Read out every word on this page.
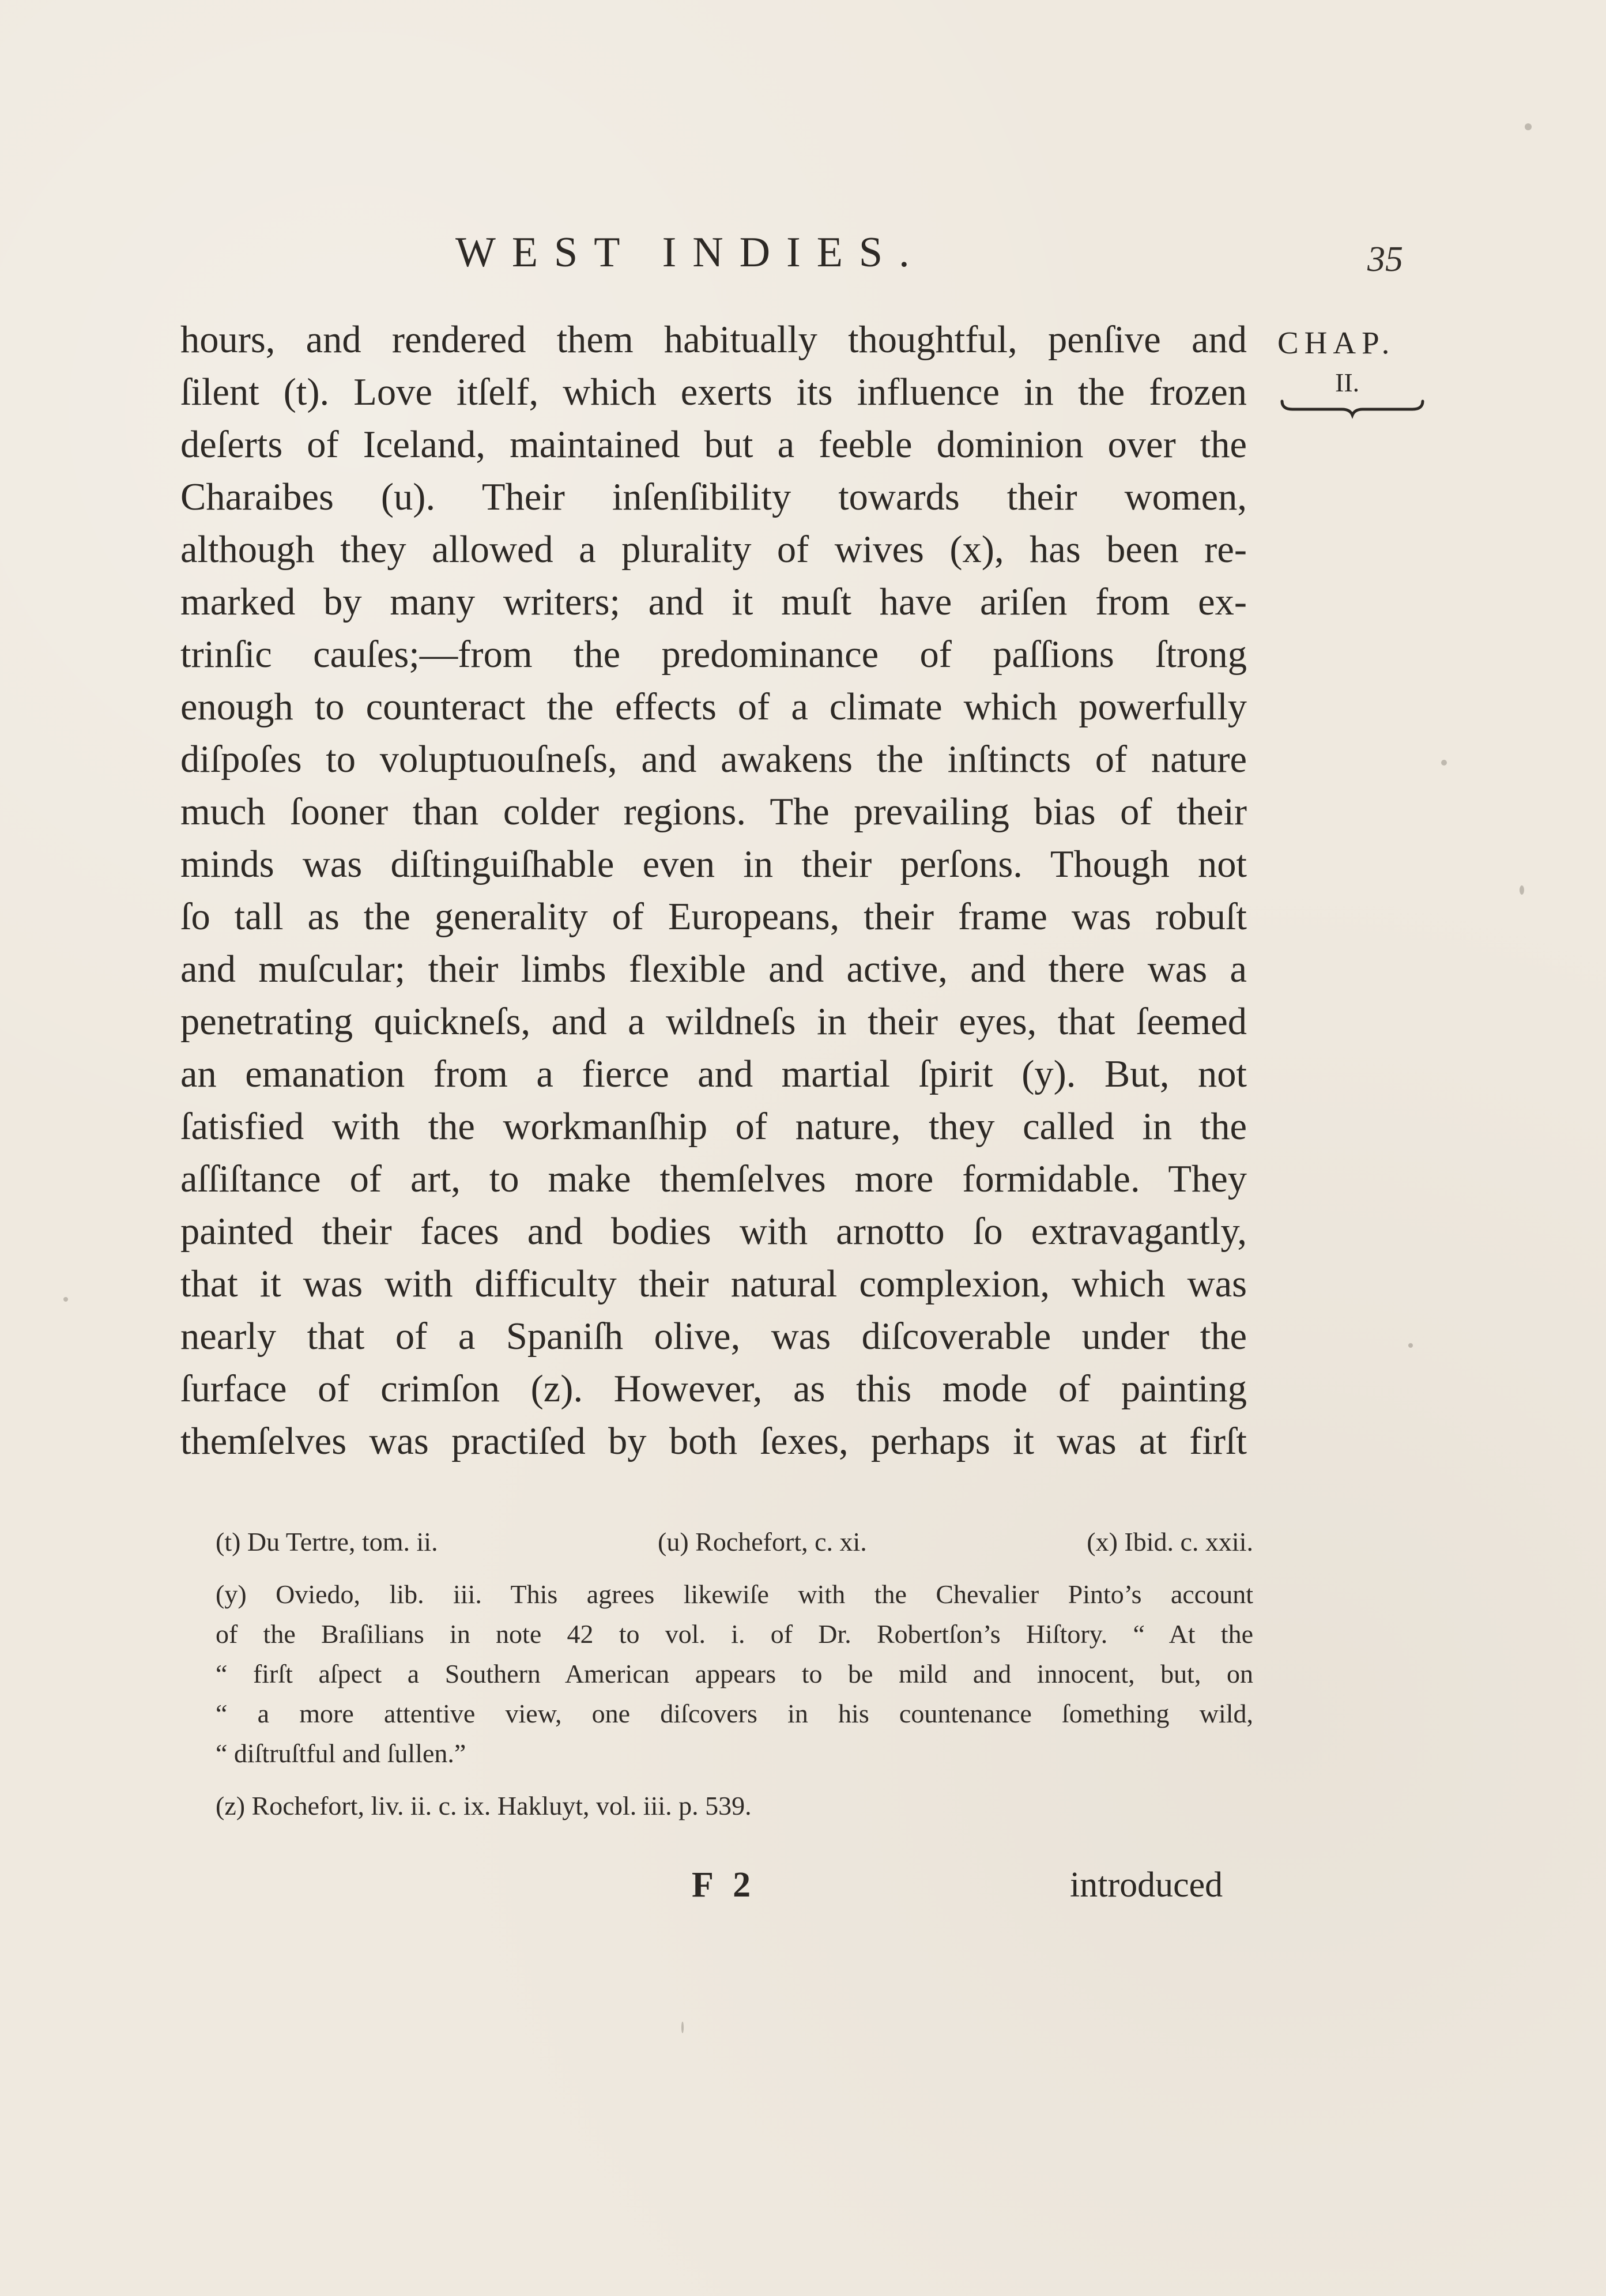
WEST INDIES.	35
CHAP.
II.
hours, and rendered them habitually thoughtful, penſive and
ſilent (t). Love itſelf, which exerts its influence in the frozen
deſerts of Iceland, maintained but a feeble dominion over the
Charaibes (u). Their inſenſibility towards their women,
although they allowed a plurality of wives (x), has been re-
marked by many writers; and it muſt have ariſen from ex-
trinſic cauſes;—from the predominance of paſſions ſtrong
enough to counteract the effects of a climate which powerfully
diſpoſes to voluptuouſneſs, and awakens the inſtincts of nature
much ſooner than colder regions. The prevailing bias of their
minds was diſtinguiſhable even in their perſons. Though not
ſo tall as the generality of Europeans, their frame was robuſt
and muſcular; their limbs flexible and active, and there was a
penetrating quickneſs, and a wildneſs in their eyes, that ſeemed
an emanation from a fierce and martial ſpirit (y). But, not
ſatisfied with the workmanſhip of nature, they called in the
aſſiſtance of art, to make themſelves more formidable. They
painted their faces and bodies with arnotto ſo extravagantly,
that it was with difficulty their natural complexion, which was
nearly that of a Spaniſh olive, was diſcoverable under the
ſurface of crimſon (z). However, as this mode of painting
themſelves was practiſed by both ſexes, perhaps it was at firſt
(t) Du Tertre, tom. ii.	(u) Rochefort, c. xi.	(x) Ibid. c. xxii.
(y) Oviedo, lib. iii. This agrees likewiſe with the Chevalier Pinto’s account
of the Braſilians in note 42 to vol. i. of Dr. Robertſon’s Hiſtory. “ At the
“ firſt aſpect a Southern American appears to be mild and innocent, but, on
“ a more attentive view, one diſcovers in his countenance ſomething wild,
“ diſtruſtful and ſullen.”
(z) Rochefort, liv. ii. c. ix. Hakluyt, vol. iii. p. 539.
F 2	introduced
